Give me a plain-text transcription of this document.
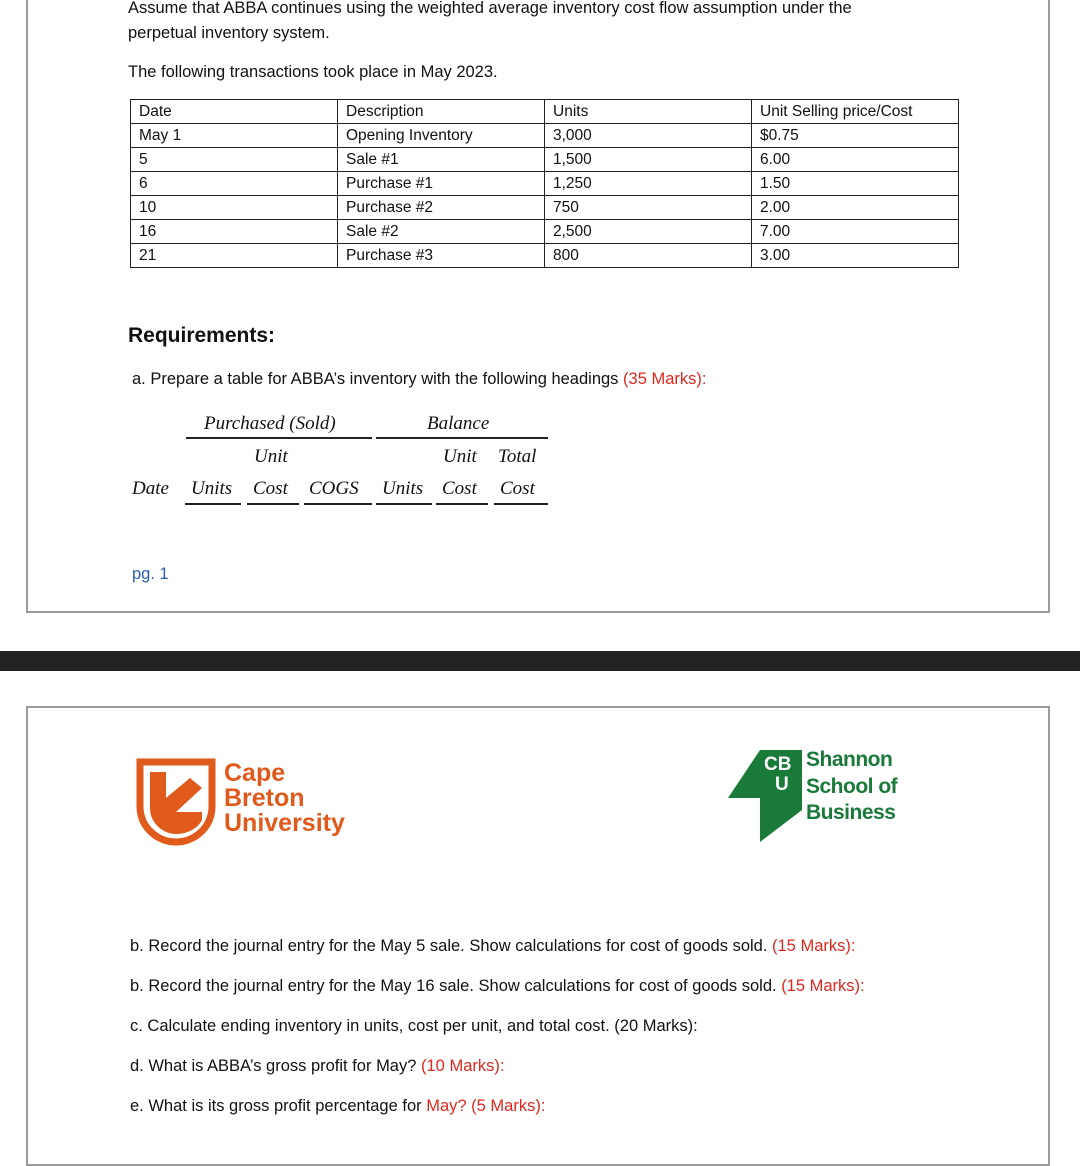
Assume that ABBA continues using the weighted average inventory cost flow assumption under the
perpetual inventory system.
The following transactions took place in May 2023.
Date	Description	Units	Unit Selling price/Cost
May 1	Opening Inventory	3,000	$0.75
5	Sale #1	1,500	6.00
6	Purchase #1	1,250	1.50
10	Purchase #2	750	2.00
16	Sale #2	2,500	7.00
21	Purchase #3	800	3.00
Requirements:
a. Prepare a table for ABBA’s inventory with the following headings (35 Marks):
Purchased (Sold)	Balance
Unit	Unit Total
Date Units Cost COGS Units Cost Cost
pg. 1
Cape
Breton
University
CB
U
Shannon
School of
Business
b. Record the journal entry for the May 5 sale. Show calculations for cost of goods sold. (15 Marks):
b. Record the journal entry for the May 16 sale. Show calculations for cost of goods sold. (15 Marks):
c. Calculate ending inventory in units, cost per unit, and total cost. (20 Marks):
d. What is ABBA’s gross profit for May? (10 Marks):
e. What is its gross profit percentage for May? (5 Marks):
